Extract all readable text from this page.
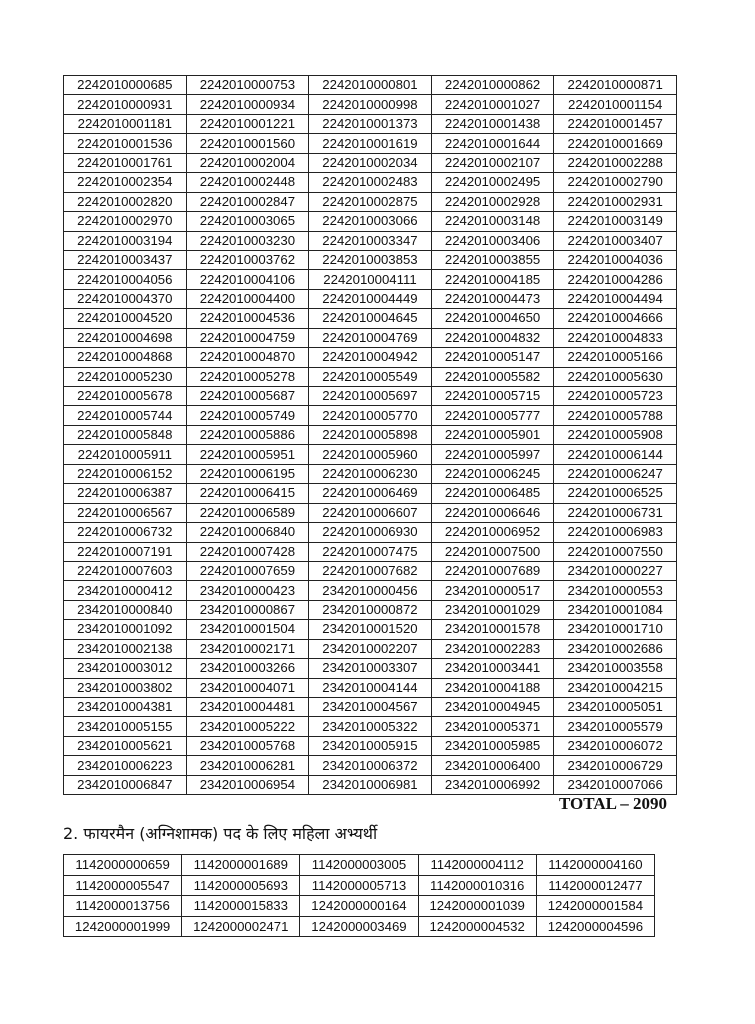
2242010000685	2242010000753	2242010000801	2242010000862	2242010000871
2242010000931	2242010000934	2242010000998	2242010001027	2242010001154
2242010001181	2242010001221	2242010001373	2242010001438	2242010001457
2242010001536	2242010001560	2242010001619	2242010001644	2242010001669
2242010001761	2242010002004	2242010002034	2242010002107	2242010002288
2242010002354	2242010002448	2242010002483	2242010002495	2242010002790
2242010002820	2242010002847	2242010002875	2242010002928	2242010002931
2242010002970	2242010003065	2242010003066	2242010003148	2242010003149
2242010003194	2242010003230	2242010003347	2242010003406	2242010003407
2242010003437	2242010003762	2242010003853	2242010003855	2242010004036
2242010004056	2242010004106	2242010004111	2242010004185	2242010004286
2242010004370	2242010004400	2242010004449	2242010004473	2242010004494
2242010004520	2242010004536	2242010004645	2242010004650	2242010004666
2242010004698	2242010004759	2242010004769	2242010004832	2242010004833
2242010004868	2242010004870	2242010004942	2242010005147	2242010005166
2242010005230	2242010005278	2242010005549	2242010005582	2242010005630
2242010005678	2242010005687	2242010005697	2242010005715	2242010005723
2242010005744	2242010005749	2242010005770	2242010005777	2242010005788
2242010005848	2242010005886	2242010005898	2242010005901	2242010005908
2242010005911	2242010005951	2242010005960	2242010005997	2242010006144
2242010006152	2242010006195	2242010006230	2242010006245	2242010006247
2242010006387	2242010006415	2242010006469	2242010006485	2242010006525
2242010006567	2242010006589	2242010006607	2242010006646	2242010006731
2242010006732	2242010006840	2242010006930	2242010006952	2242010006983
2242010007191	2242010007428	2242010007475	2242010007500	2242010007550
2242010007603	2242010007659	2242010007682	2242010007689	2342010000227
2342010000412	2342010000423	2342010000456	2342010000517	2342010000553
2342010000840	2342010000867	2342010000872	2342010001029	2342010001084
2342010001092	2342010001504	2342010001520	2342010001578	2342010001710
2342010002138	2342010002171	2342010002207	2342010002283	2342010002686
2342010003012	2342010003266	2342010003307	2342010003441	2342010003558
2342010003802	2342010004071	2342010004144	2342010004188	2342010004215
2342010004381	2342010004481	2342010004567	2342010004945	2342010005051
2342010005155	2342010005222	2342010005322	2342010005371	2342010005579
2342010005621	2342010005768	2342010005915	2342010005985	2342010006072
2342010006223	2342010006281	2342010006372	2342010006400	2342010006729
2342010006847	2342010006954	2342010006981	2342010006992	2342010007066
TOTAL – 2090
2. फायरमैन (अग्निशामक) पद के लिए महिला अभ्यर्थी
1142000000659	1142000001689	1142000003005	1142000004112	1142000004160
1142000005547	1142000005693	1142000005713	1142000010316	1142000012477
1142000013756	1142000015833	1242000000164	1242000001039	1242000001584
1242000001999	1242000002471	1242000003469	1242000004532	1242000004596
